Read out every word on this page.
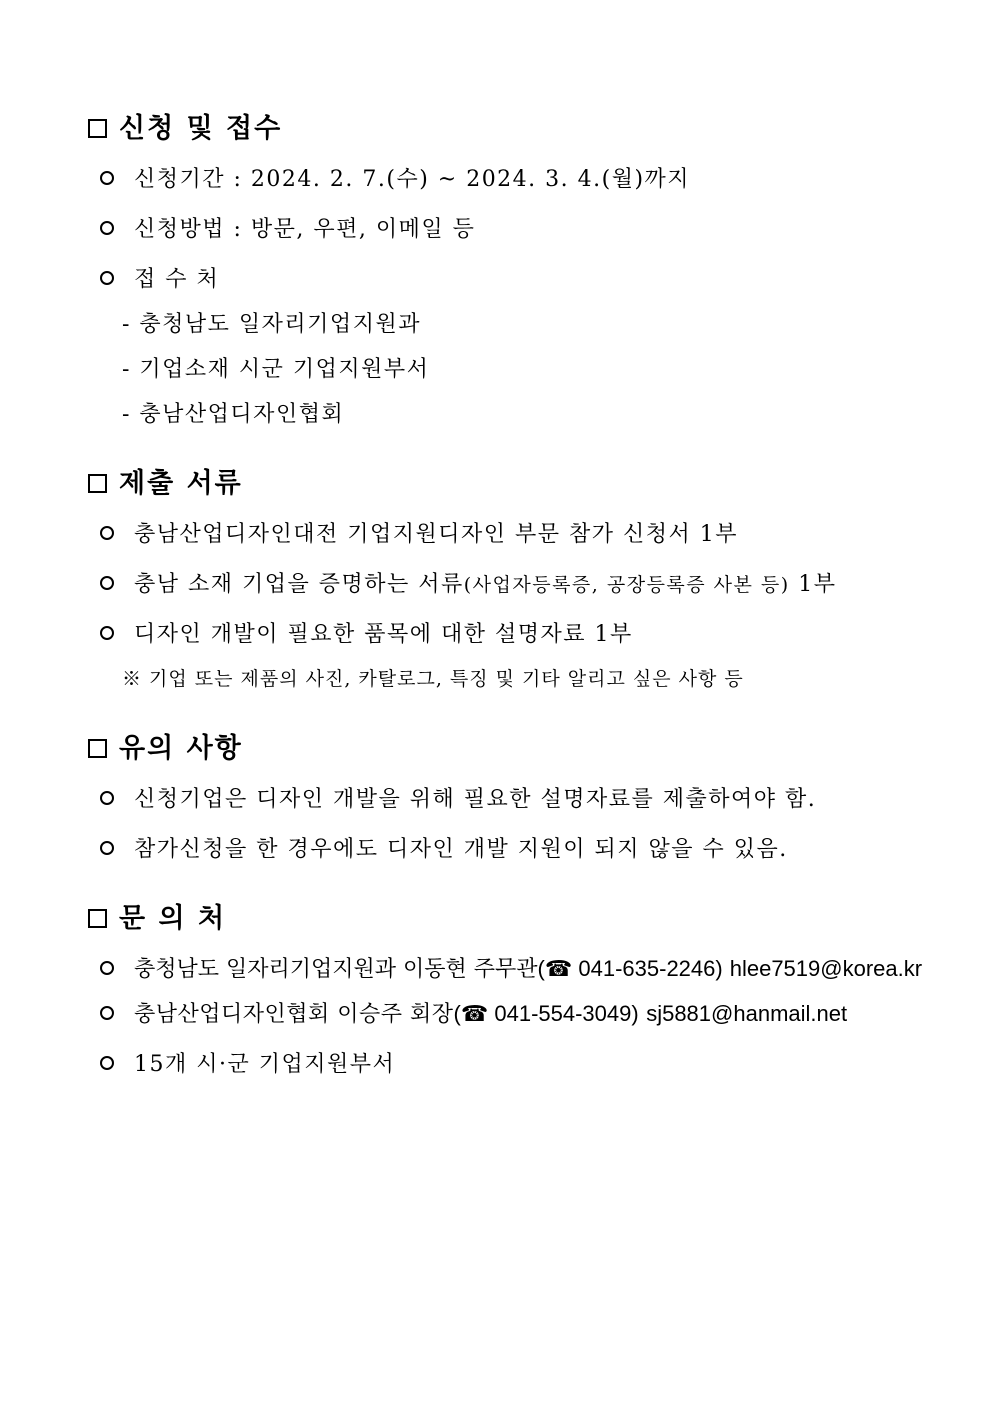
신청 및 접수
신청기간 : 2024. 2. 7.(수) ~ 2024. 3. 4.(월)까지
신청방법 : 방문, 우편, 이메일 등
접 수 처
- 충청남도 일자리기업지원과
- 기업소재 시군 기업지원부서
- 충남산업디자인협회
제출 서류
충남산업디자인대전 기업지원디자인 부문 참가 신청서 1부
충남 소재 기업을 증명하는 서류(사업자등록증, 공장등록증 사본 등) 1부
디자인 개발이 필요한 품목에 대한 설명자료 1부
※ 기업 또는 제품의 사진, 카탈로그, 특징 및 기타 알리고 싶은 사항 등
유의 사항
신청기업은 디자인 개발을 위해 필요한 설명자료를 제출하여야 함.
참가신청을 한 경우에도 디자인 개발 지원이 되지 않을 수 있음.
문 의 처
충청남도 일자리기업지원과 이동현 주무관(☎ 041-635-2246) hlee7519@korea.kr
충남산업디자인협회 이승주 회장(☎ 041-554-3049) sj5881@hanmail.net
15개 시·군 기업지원부서
